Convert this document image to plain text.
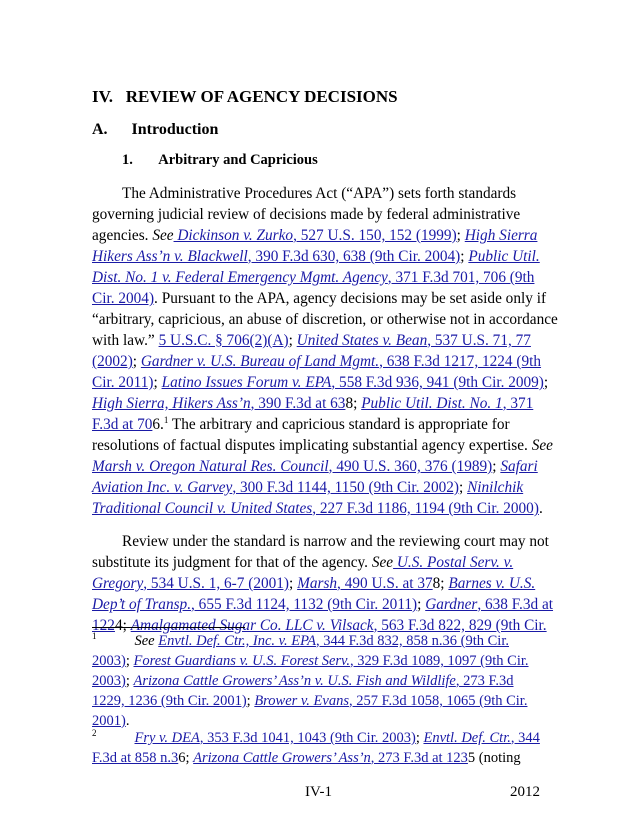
IV.   REVIEW OF AGENCY DECISIONS
A.      Introduction
1.       Arbitrary and Capricious
The Administrative Procedures Act (“APA”) sets forth standards
governing judicial review of decisions made by federal administrative
agencies. See Dickinson v. Zurko, 527 U.S. 150, 152 (1999); High Sierra
Hikers Ass’n v. Blackwell, 390 F.3d 630, 638 (9th Cir. 2004); Public Util.
Dist. No. 1 v. Federal Emergency Mgmt. Agency, 371 F.3d 701, 706 (9th
Cir. 2004). Pursuant to the APA, agency decisions may be set aside only if
“arbitrary, capricious, an abuse of discretion, or otherwise not in accordance
with law.” 5 U.S.C. § 706(2)(A); United States v. Bean, 537 U.S. 71, 77
(2002); Gardner v. U.S. Bureau of Land Mgmt., 638 F.3d 1217, 1224 (9th
Cir. 2011); Latino Issues Forum v. EPA, 558 F.3d 936, 941 (9th Cir. 2009);
High Sierra, Hikers Ass’n, 390 F.3d at 638; Public Util. Dist. No. 1, 371
F.3d at 706.$^1$ The arbitrary and capricious standard is appropriate for
resolutions of factual disputes implicating substantial agency expertise. See
Marsh v. Oregon Natural Res. Council, 490 U.S. 360, 376 (1989); Safari
Aviation Inc. v. Garvey, 300 F.3d 1144, 1150 (9th Cir. 2002); Ninilchik
Traditional Council v. United States, 227 F.3d 1186, 1194 (9th Cir. 2000).
Review under the standard is narrow and the reviewing court may not
substitute its judgment for that of the agency. See U.S. Postal Serv. v.
Gregory, 534 U.S. 1, 6-7 (2001); Marsh, 490 U.S. at 378; Barnes v. U.S.
Dep’t of Transp., 655 F.3d 1124, 1132 (9th Cir. 2011); Gardner, 638 F.3d at
1224; Amalgamated Sugar Co. LLC v. Vilsack, 563 F.3d 822, 829 (9th Cir.
$^1$	See Envtl. Def. Ctr., Inc. v. EPA, 344 F.3d 832, 858 n.36 (9th Cir.
2003); Forest Guardians v. U.S. Forest Serv., 329 F.3d 1089, 1097 (9th Cir.
2003); Arizona Cattle Growers’ Ass’n v. U.S. Fish and Wildlife, 273 F.3d
1229, 1236 (9th Cir. 2001); Brower v. Evans, 257 F.3d 1058, 1065 (9th Cir.
2001).
$^2$	Fry v. DEA, 353 F.3d 1041, 1043 (9th Cir. 2003); Envtl. Def. Ctr., 344
F.3d at 858 n.36; Arizona Cattle Growers’ Ass’n, 273 F.3d at 1235 (noting
IV-1	2012
